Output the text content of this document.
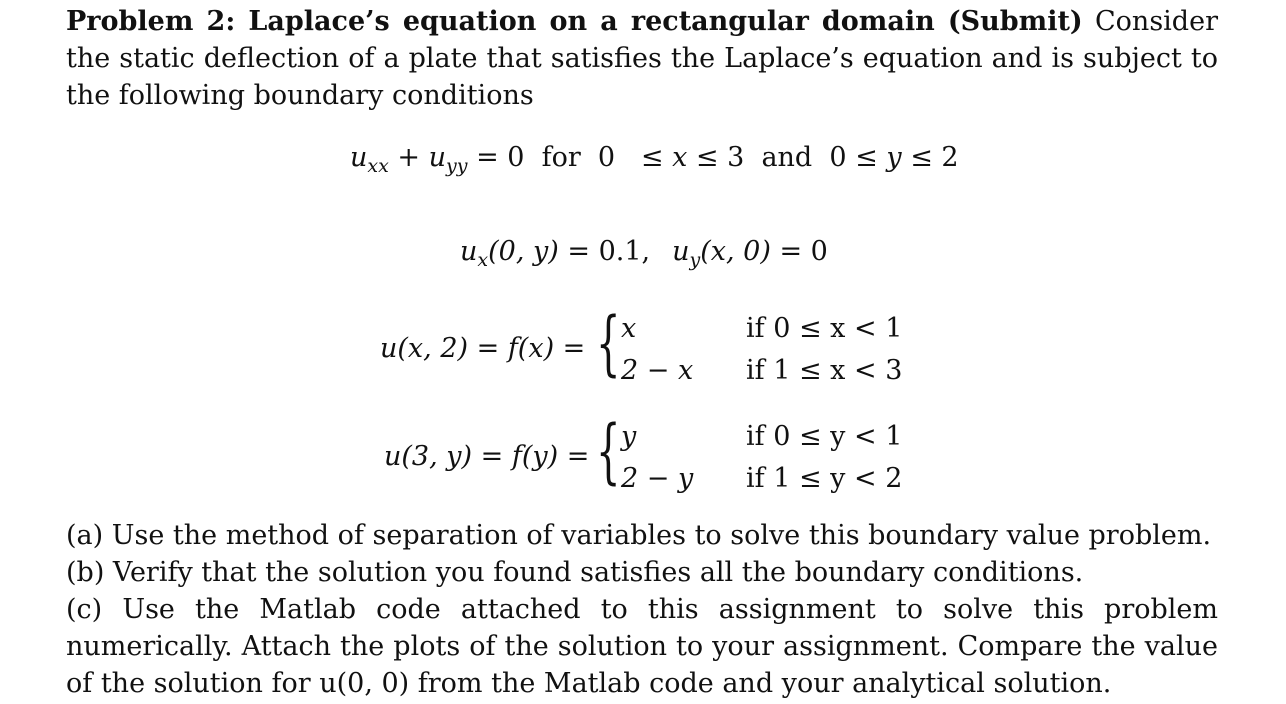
Problem 2: Laplace’s equation on a rectangular domain (Submit) Consider the static deflection of a plate that satisfies the Laplace’s equation and is subject to the following boundary conditions
$u_{xx} + u_{yy} = 0$  for  0   ≤ x ≤ 3  and  0 ≤ y ≤ 2
$u_x(0$, y) = 0.1, $u_y(x$, 0) = 0
u(x, 2) = f(x) = { x
2 − x
if 0 ≤ x < 1
if 1 ≤ x < 3
u(3, y) = f(y) = { y
2 − y
if 0 ≤ y < 1
if 1 ≤ y < 2
(a) Use the method of separation of variables to solve this boundary value problem.
(b) Verify that the solution you found satisfies all the boundary conditions.
(c) Use the Matlab code attached to this assignment to solve this problem numerically. Attach the plots of the solution to your assignment. Compare the value of the solution for u(0, 0) from the Matlab code and your analytical solution.
